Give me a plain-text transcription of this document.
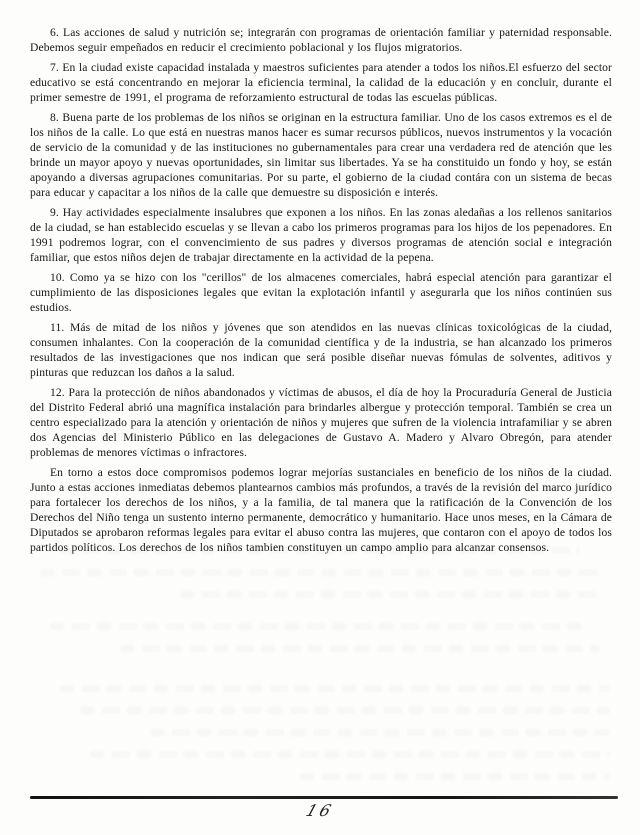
6. Las acciones de salud y nutrición se; integrarán con programas de orientación familiar y paternidad responsable. Debemos seguir empeñados en reducir el crecimiento poblacional y los flujos migratorios.

7. En la ciudad existe capacidad instalada y maestros suficientes para atender a todos los niños.El esfuerzo del sector educativo se está concentrando en mejorar la eficiencia terminal, la calidad de la educación y en concluir, durante el primer semestre de 1991, el programa de reforzamiento estructural de todas las escuelas públicas.

8. Buena parte de los problemas de los niños se originan en la estructura familiar. Uno de los casos extremos es el de los niños de la calle. Lo que está en nuestras manos hacer es sumar recursos públicos, nuevos instrumentos y la vocación de servicio de la comunidad y de las instituciones no gubernamentales para crear una verdadera red de atención que les brinde un mayor apoyo y nuevas oportunidades, sin limitar sus libertades. Ya se ha constituido un fondo y hoy, se están apoyando a diversas agrupaciones comunitarias. Por su parte, el gobierno de la ciudad contára con un sistema de becas para educar y capacitar a los niños de la calle que demuestre su disposición e interés.

9. Hay actividades especialmente insalubres que exponen a los niños. En las zonas aledañas a los rellenos sanitarios de la ciudad, se han establecido escuelas y se llevan a cabo los primeros programas para los hijos de los pepenadores. En 1991 podremos lograr, con el convencimiento de sus padres y diversos programas de atención social e integración familiar, que estos niños dejen de trabajar directamente en la actividad de la pepena.

10. Como ya se hizo con los "cerillos" de los almacenes comerciales, habrá especial atención para garantizar el cumplimiento de las disposiciones legales que evitan la explotación infantil y asegurarla que los niños continúen sus estudios.

11. Más de mitad de los niños y jóvenes que son atendidos en las nuevas clínicas toxicológicas de la ciudad, consumen inhalantes. Con la cooperación de la comunidad científica y de la industria, se han alcanzado los primeros resultados de las investigaciones que nos indican que será posible diseñar nuevas fómulas de solventes, aditivos y pinturas que reduzcan los daños a la salud.

12. Para la protección de niños abandonados y víctimas de abusos, el día de hoy la Procuraduría General de Justicia del Distrito Federal abrió una magnífica instalación para brindarles albergue y protección temporal. También se crea un centro especializado para la atención y orientación de niños y mujeres que sufren de la violencia intrafamiliar y se abren dos Agencias del Ministerio Público en las delegaciones de Gustavo A. Madero y Alvaro Obregón, para atender problemas de menores víctimas o infractores.

En torno a estos doce compromisos podemos lograr mejorías sustanciales en beneficio de los niños de la ciudad. Junto a estas acciones inmediatas debemos plantearnos cambios más profundos, a través de la revisión del marco jurídico para fortalecer los derechos de los niños, y a la familia, de tal manera que la ratificación de la Convención de los Derechos del Niño tenga un sustento interno permanente, democrático y humanitario. Hace unos meses, en la Cámara de Diputados se aprobaron reformas legales para evitar el abuso contra las mujeres, que contaron con el apoyo de todos los partidos políticos. Los derechos de los niños tambien constituyen un campo amplio para alcanzar consensos.

16
